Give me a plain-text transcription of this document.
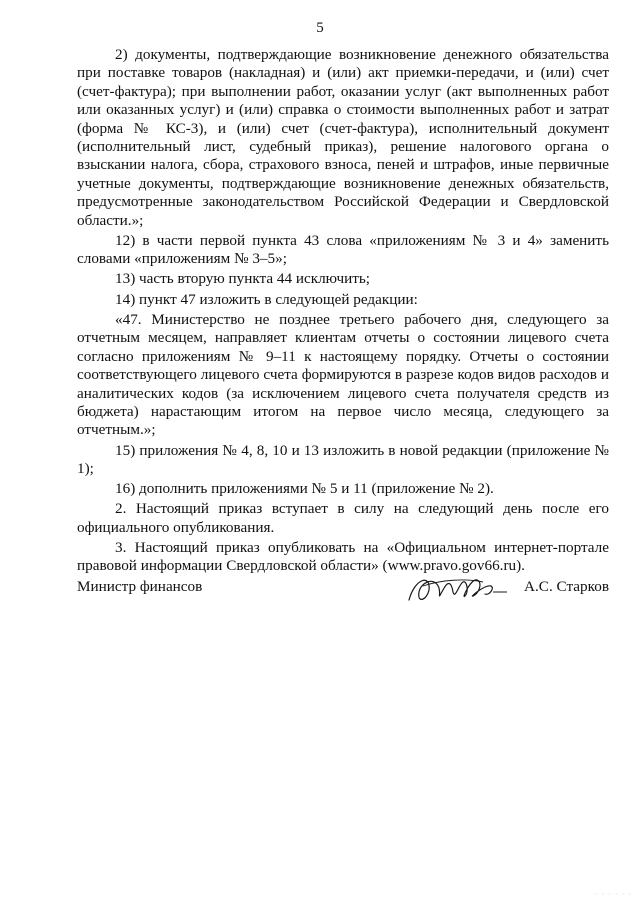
5

2) документы, подтверждающие возникновение денежного обязательства при поставке товаров (накладная) и (или) акт приемки-передачи, и (или) счет (счет-фактура); при выполнении работ, оказании услуг (акт выполненных работ или оказанных услуг) и (или) справка о стоимости выполненных работ и затрат (форма № КС-3), и (или) счет (счет-фактура), исполнительный документ (исполнительный лист, судебный приказ), решение налогового органа о взыскании налога, сбора, страхового взноса, пеней и штрафов, иные первичные учетные документы, подтверждающие возникновение денежных обязательств, предусмотренные законодательством Российской Федерации и Свердловской области.»;

12) в части первой пункта 43 слова «приложениям № 3 и 4» заменить словами «приложениям № 3–5»;

13) часть вторую пункта 44 исключить;

14) пункт 47 изложить в следующей редакции:

«47. Министерство не позднее третьего рабочего дня, следующего за отчетным месяцем, направляет клиентам отчеты о состоянии лицевого счета согласно приложениям № 9–11 к настоящему порядку. Отчеты о состоянии соответствующего лицевого счета формируются в разрезе кодов видов расходов и аналитических кодов (за исключением лицевого счета получателя средств из бюджета) нарастающим итогом на первое число месяца, следующего за отчетным.»;

15) приложения № 4, 8, 10 и 13 изложить в новой редакции (приложение № 1);

16) дополнить приложениями № 5 и 11 (приложение № 2).

2. Настоящий приказ вступает в силу на следующий день после его официального опубликования.

3. Настоящий приказ опубликовать на «Официальном интернет-портале правовой информации Свердловской области» (www.pravo.gov66.ru).

Министр финансов	А.С. Старков
· · · · · ·
